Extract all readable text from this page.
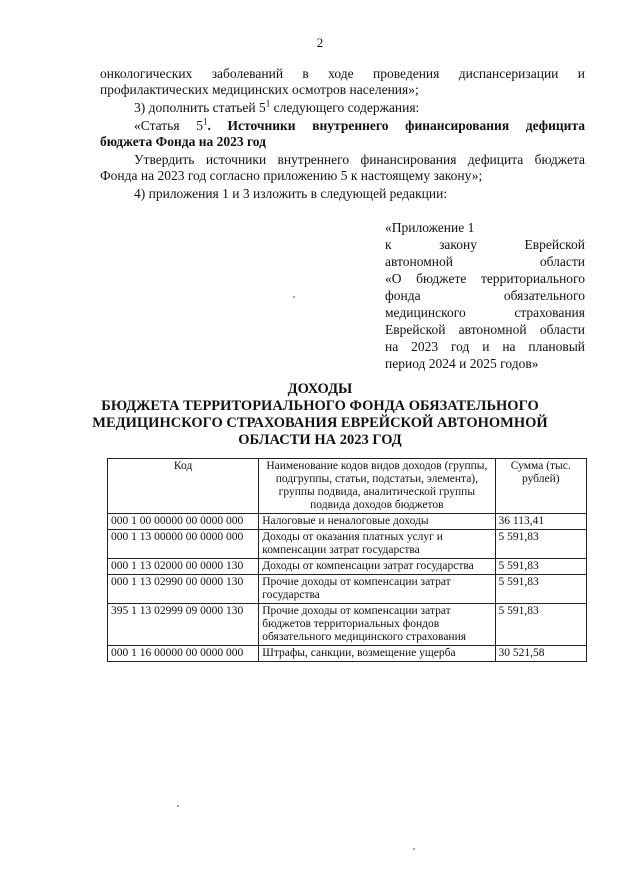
2
онкологических заболеваний в ходе проведения диспансеризации и
профилактических медицинских осмотров населения»;
3) дополнить статьей $5^1$ следующего содержания:
«Статья $5^1$. Источники внутреннего финансирования дефицита
бюджета Фонда на 2023 год
Утвердить источники внутреннего финансирования дефицита бюджета
Фонда на 2023 год согласно приложению 5 к настоящему закону»;
4) приложения 1 и 3 изложить в следующей редакции:
«Приложение 1
к закону Еврейской
автономной области
«О бюджете территориального
фонда обязательного
медицинского страхования
Еврейской автономной области
на 2023 год и на плановый
период 2024 и 2025 годов»
ДОХОДЫ
БЮДЖЕТА ТЕРРИТОРИАЛЬНОГО ФОНДА ОБЯЗАТЕЛЬНОГО
МЕДИЦИНСКОГО СТРАХОВАНИЯ ЕВРЕЙСКОЙ АВТОНОМНОЙ
ОБЛАСТИ НА 2023 ГОД
Код	Наименование кодов видов доходов (группы, подгруппы, статьи, подстатьи, элемента), группы подвида, аналитической группы подвида доходов бюджетов	Сумма (тыс. рублей)
000 1 00 00000 00 0000 000	Налоговые и неналоговые доходы	36 113,41
000 1 13 00000 00 0000 000	Доходы от оказания платных услуг и компенсации затрат государства	5 591,83
000 1 13 02000 00 0000 130	Доходы от компенсации затрат государства	5 591,83
000 1 13 02990 00 0000 130	Прочие доходы от компенсации затрат государства	5 591,83
395 1 13 02999 09 0000 130	Прочие доходы от компенсации затрат бюджетов территориальных фондов обязательного медицинского страхования	5 591,83
000 1 16 00000 00 0000 000	Штрафы, санкции, возмещение ущерба	30 521,58
